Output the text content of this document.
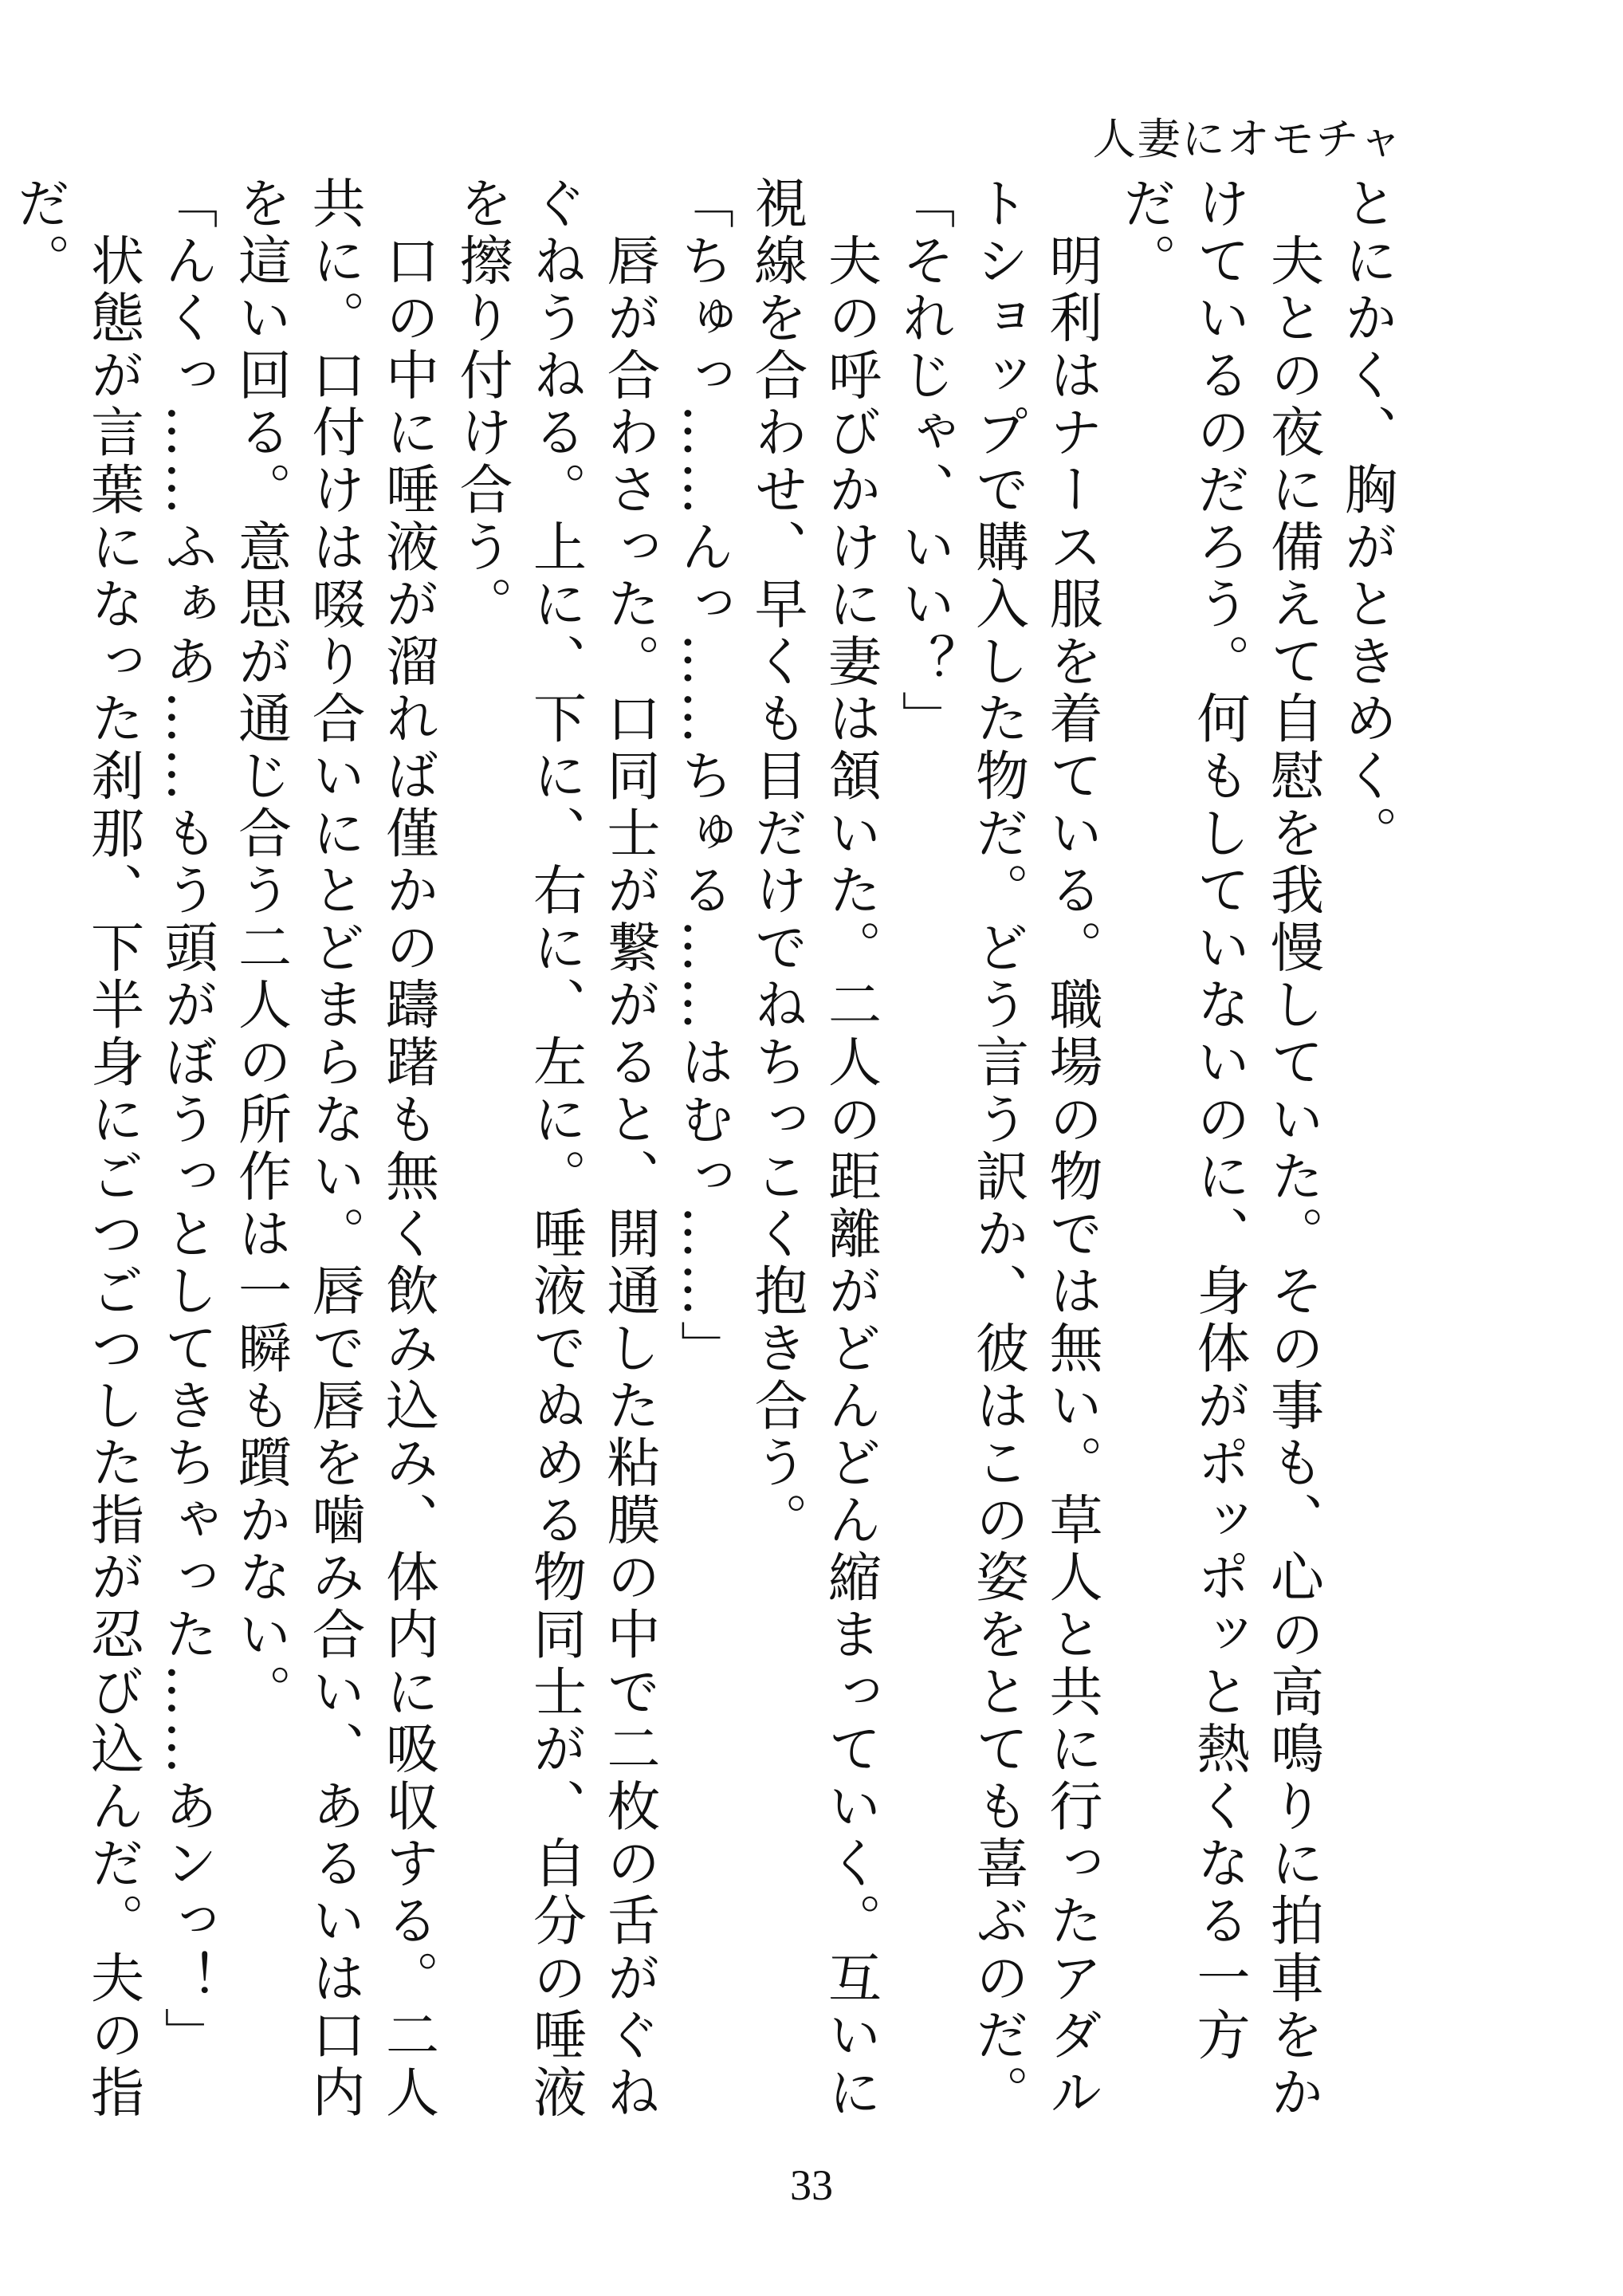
人妻にオモチャ

とにかく、胸がときめく。

　夫との夜に備えて自慰を我慢していた。その事も、心の高鳴りに拍車をかけているのだろう。何もしていないのに、身体がポッポッと熱くなる一方だ。

　明利はナース服を着ている。職場の物では無い。草人と共に行ったアダルトショップで購入した物だ。どう言う訳か、彼はこの姿をとても喜ぶのだ。

「それじゃ、いい？」

　夫の呼びかけに妻は頷いた。二人の距離がどんどん縮まっていく。互いに視線を合わせ、早くも目だけでねちっこく抱き合う。

「ちゅっ……んっ……ちゅる……はむっ……」

　唇が合わさった。口同士が繋がると、開通した粘膜の中で二枚の舌がぐねぐねうねる。上に、下に、右に、左に。唾液でぬめる物同士が、自分の唾液を擦り付け合う。

　口の中に唾液が溜れば僅かの躊躇も無く飲み込み、体内に吸収する。二人共に。口付けは啜り合いにとどまらない。唇で唇を噛み合い、あるいは口内を這い回る。意思が通じ合う二人の所作は一瞬も躓かない。

「んくっ……ふぁあ……もう頭がぼうっとしてきちゃった……あンっ！」

　状態が言葉になった刹那、下半身にごつごつした指が忍び込んだ。夫の指だ。

33
